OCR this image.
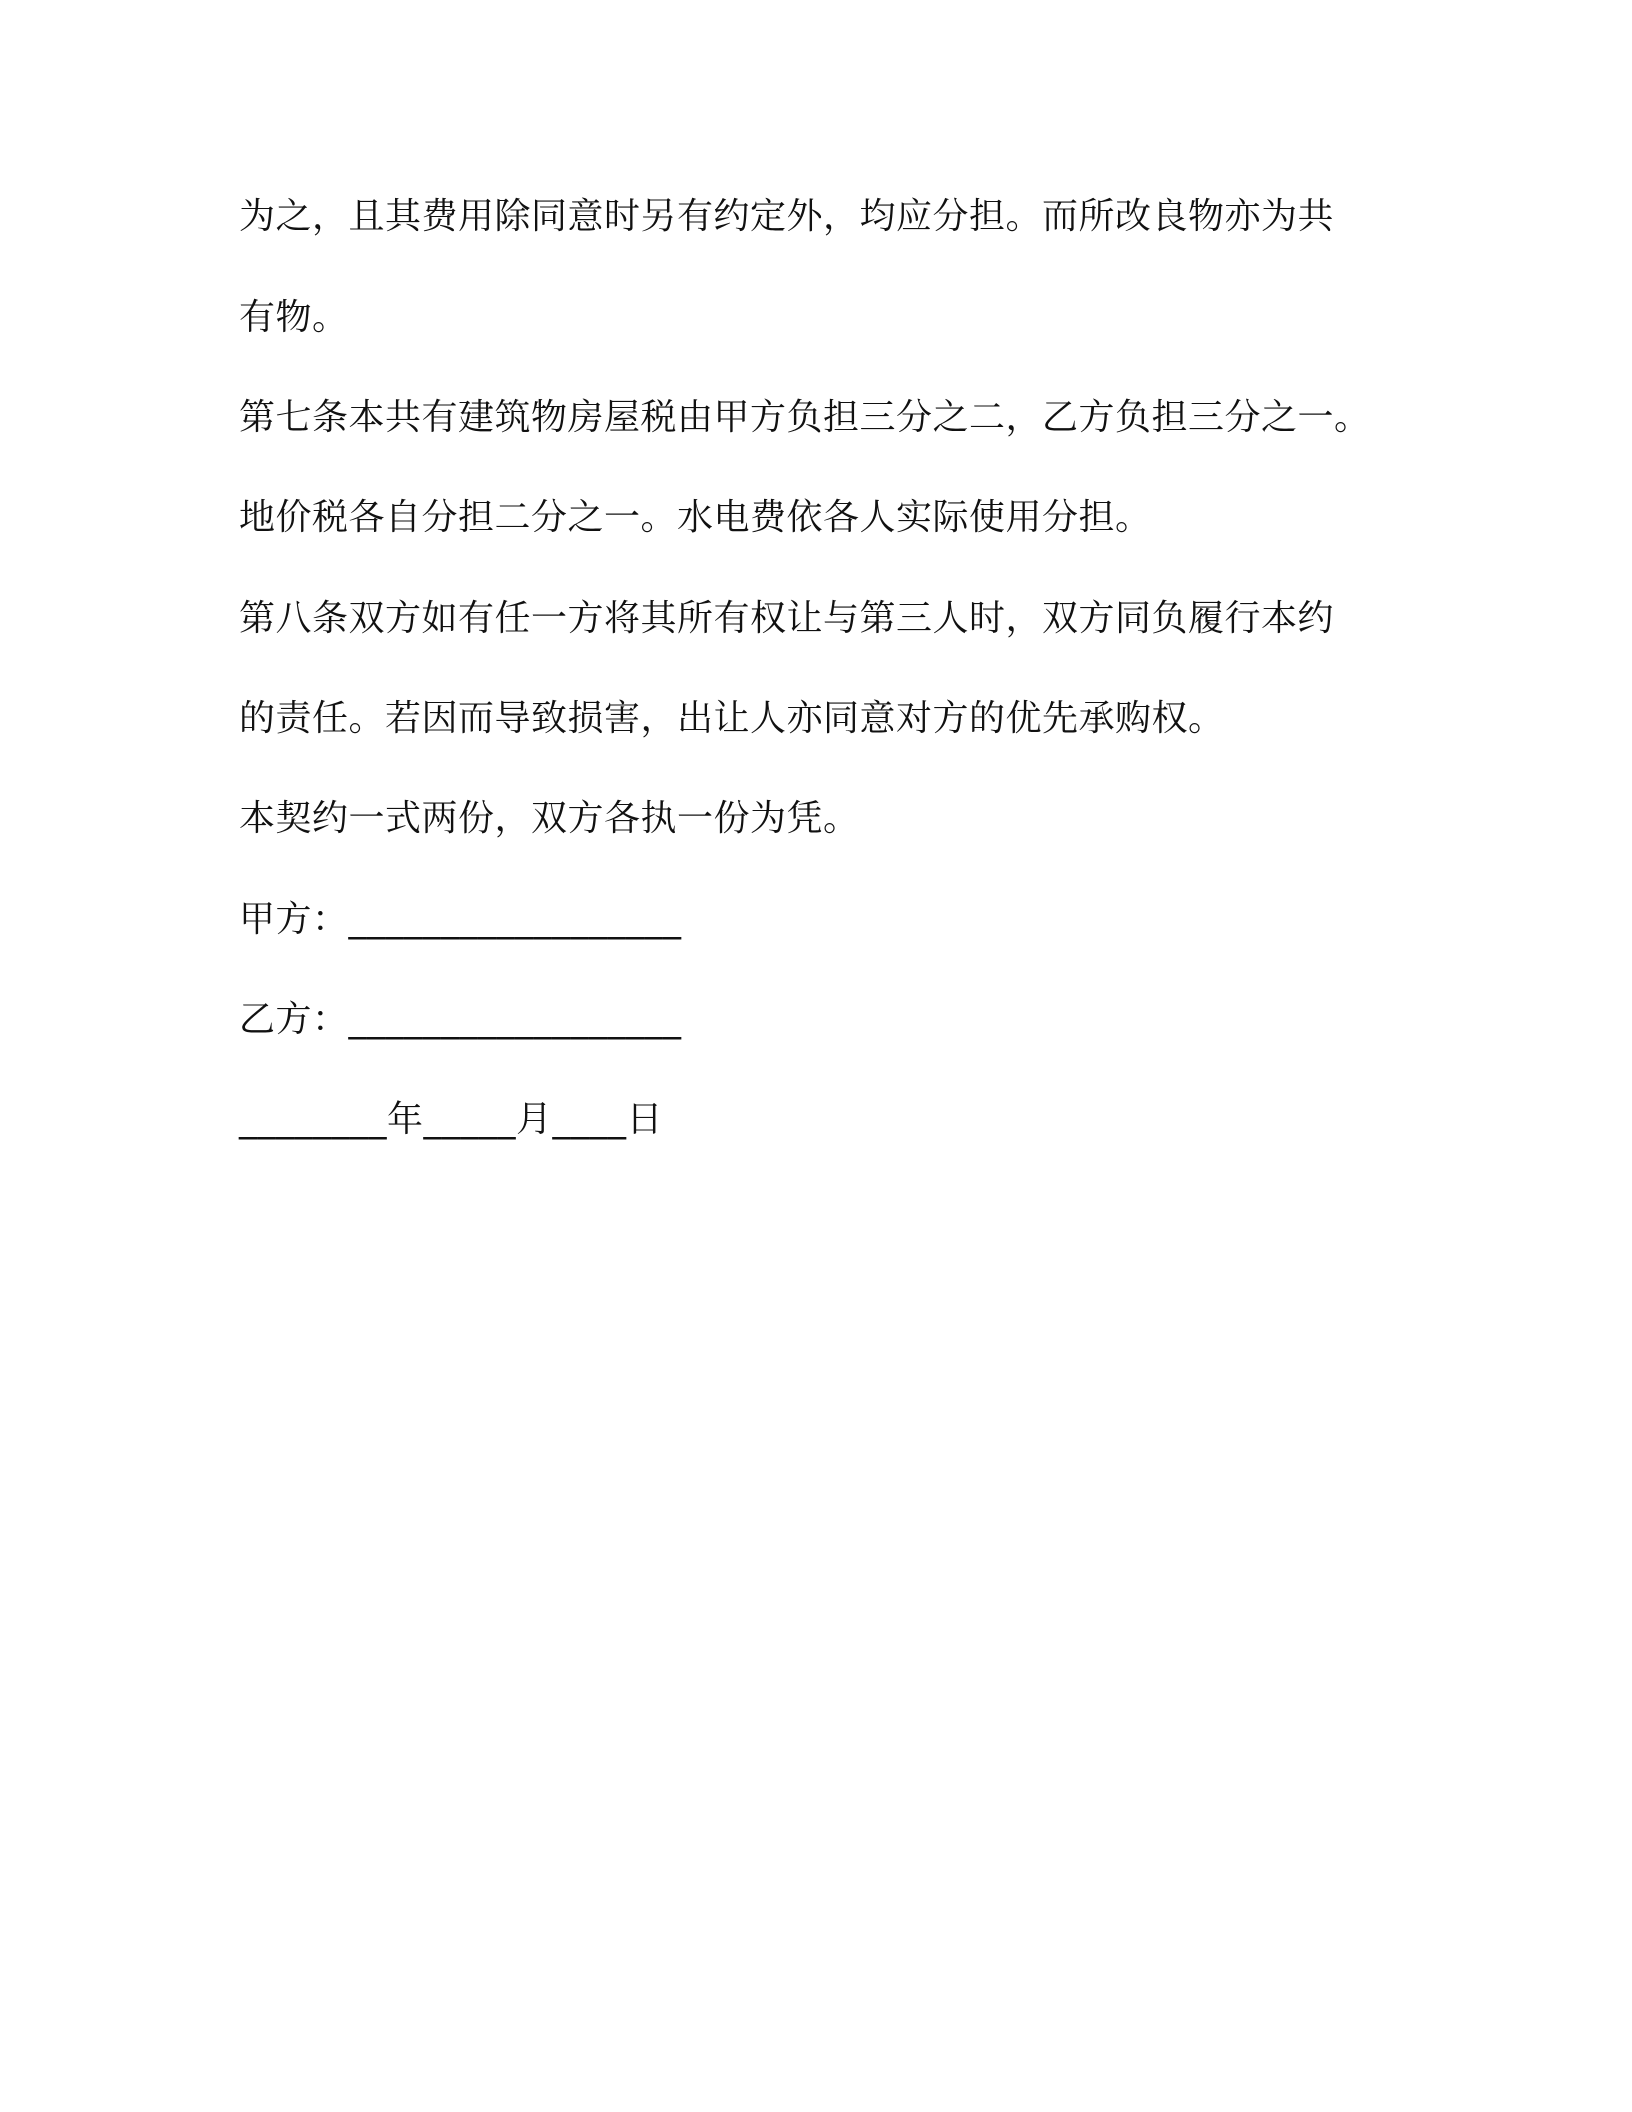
为之，且其费用除同意时另有约定外，均应分担。而所改良物亦为共
有物。
第七条本共有建筑物房屋税由甲方负担三分之二，乙方负担三分之一。
地价税各自分担二分之一。水电费依各人实际使用分担。
第八条双方如有任一方将其所有权让与第三人时，双方同负履行本约
的责任。若因而导致损害，出让人亦同意对方的优先承购权。
本契约一式两份，双方各执一份为凭。
甲方：__________________
乙方：__________________
________年_____月____日
